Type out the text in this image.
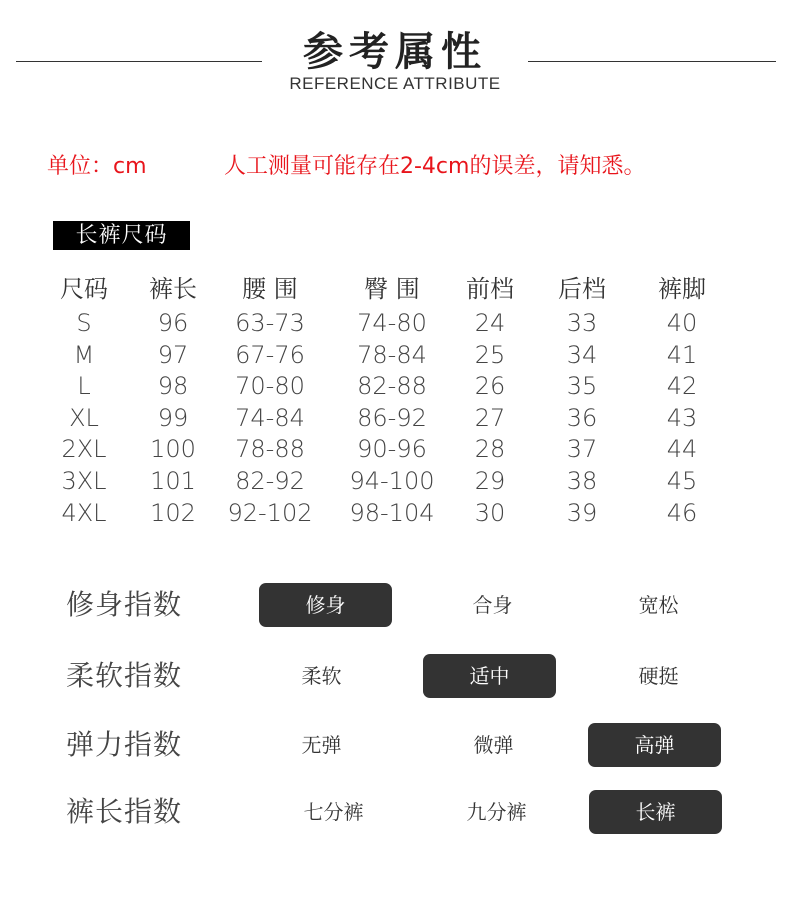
参考属性
REFERENCE ATTRIBUTE
单位：cm	人工测量可能存在2-4cm的误差，请知悉。
长裤尺码
尺码 裤长 腰 围	臀 围 前档 后档 裤脚
S	96 63-73 74-80 24	33	40
M	97 67-76 78-84 25	34	41
L	98 70-80 82-88 26	35	42
XL 99 74-84 86-92 27	36	43
2XL 100 78-88 90-96 28	37	44
3XL 101 82-92 94-100 29	38	45
4XL 102 92-102 98-104 30	39	46
修身指数	修身	合身	宽松
柔软指数	柔软	适中	硬挺
弹力指数	无弹	微弹	高弹
裤长指数	七分裤	九分裤	长裤
